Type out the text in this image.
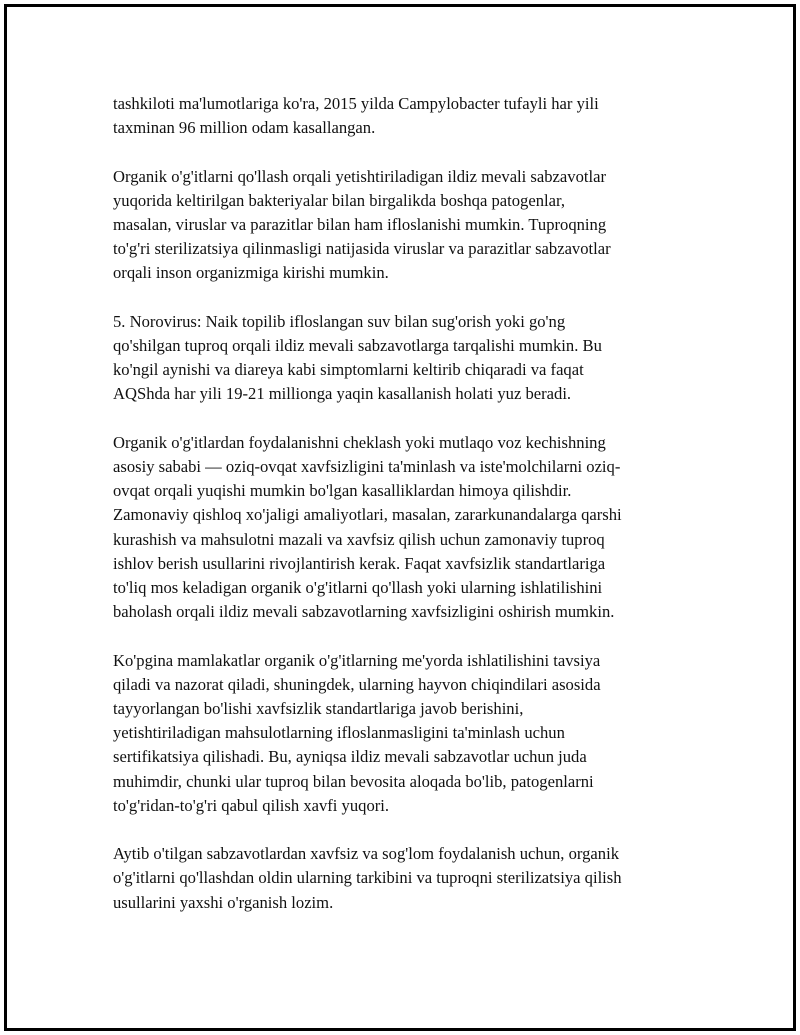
tashkiloti ma'lumotlariga ko'ra, 2015 yilda Campylobacter tufayli har yili
taxminan 96 million odam kasallangan.

Organik o'g'itlarni qo'llash orqali yetishtiriladigan ildiz mevali sabzavotlar
yuqorida keltirilgan bakteriyalar bilan birgalikda boshqa patogenlar,
masalan, viruslar va parazitlar bilan ham ifloslanishi mumkin. Tuproqning
to'g'ri sterilizatsiya qilinmasligi natijasida viruslar va parazitlar sabzavotlar
orqali inson organizmiga kirishi mumkin.

5. Norovirus: Naik topilib ifloslangan suv bilan sug'orish yoki go'ng
qo'shilgan tuproq orqali ildiz mevali sabzavotlarga tarqalishi mumkin. Bu
ko'ngil aynishi va diareya kabi simptomlarni keltirib chiqaradi va faqat
AQShda har yili 19-21 millionga yaqin kasallanish holati yuz beradi.

Organik o'g'itlardan foydalanishni cheklash yoki mutlaqo voz kechishning
asosiy sababi — oziq-ovqat xavfsizligini ta'minlash va iste'molchilarni oziq-
ovqat orqali yuqishi mumkin bo'lgan kasalliklardan himoya qilishdir.
Zamonaviy qishloq xo'jaligi amaliyotlari, masalan, zararkunandalarga qarshi
kurashish va mahsulotni mazali va xavfsiz qilish uchun zamonaviy tuproq
ishlov berish usullarini rivojlantirish kerak. Faqat xavfsizlik standartlariga
to'liq mos keladigan organik o'g'itlarni qo'llash yoki ularning ishlatilishini
baholash orqali ildiz mevali sabzavotlarning xavfsizligini oshirish mumkin.

Ko'pgina mamlakatlar organik o'g'itlarning me'yorda ishlatilishini tavsiya
qiladi va nazorat qiladi, shuningdek, ularning hayvon chiqindilari asosida
tayyorlangan bo'lishi xavfsizlik standartlariga javob berishini,
yetishtiriladigan mahsulotlarning ifloslanmasligini ta'minlash uchun
sertifikatsiya qilishadi. Bu, ayniqsa ildiz mevali sabzavotlar uchun juda
muhimdir, chunki ular tuproq bilan bevosita aloqada bo'lib, patogenlarni
to'g'ridan-to'g'ri qabul qilish xavfi yuqori.

Aytib o'tilgan sabzavotlardan xavfsiz va sog'lom foydalanish uchun, organik
o'g'itlarni qo'llashdan oldin ularning tarkibini va tuproqni sterilizatsiya qilish
usullarini yaxshi o'rganish lozim.
